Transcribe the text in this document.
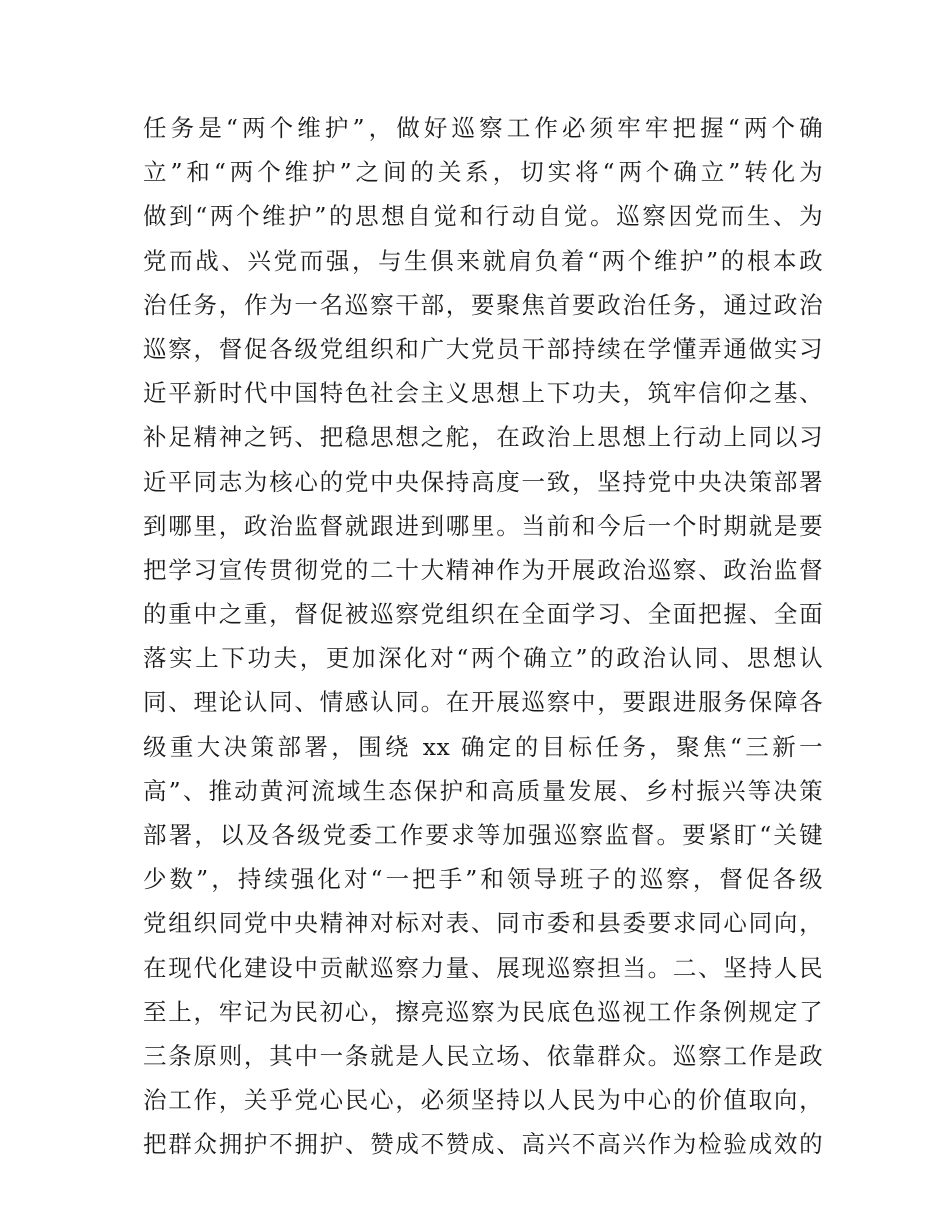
任务是“两个维护”，做好巡察工作必须牢牢把握“两个确
立”和“两个维护”之间的关系，切实将“两个确立”转化为
做到“两个维护”的思想自觉和行动自觉。巡察因党而生、为
党而战、兴党而强，与生俱来就肩负着“两个维护”的根本政
治任务，作为一名巡察干部，要聚焦首要政治任务，通过政治
巡察，督促各级党组织和广大党员干部持续在学懂弄通做实习
近平新时代中国特色社会主义思想上下功夫，筑牢信仰之基、
补足精神之钙、把稳思想之舵，在政治上思想上行动上同以习
近平同志为核心的党中央保持高度一致，坚持党中央决策部署
到哪里，政治监督就跟进到哪里。当前和今后一个时期就是要
把学习宣传贯彻党的二十大精神作为开展政治巡察、政治监督
的重中之重，督促被巡察党组织在全面学习、全面把握、全面
落实上下功夫，更加深化对“两个确立”的政治认同、思想认
同、理论认同、情感认同。在开展巡察中，要跟进服务保障各
级重大决策部署，围绕 xx 确定的目标任务，聚焦“三新一
高”、推动黄河流域生态保护和高质量发展、乡村振兴等决策
部署，以及各级党委工作要求等加强巡察监督。要紧盯“关键
少数”，持续强化对“一把手”和领导班子的巡察，督促各级
党组织同党中央精神对标对表、同市委和县委要求同心同向，
在现代化建设中贡献巡察力量、展现巡察担当。二、坚持人民
至上，牢记为民初心，擦亮巡察为民底色巡视工作条例规定了
三条原则，其中一条就是人民立场、依靠群众。巡察工作是政
治工作，关乎党心民心，必须坚持以人民为中心的价值取向，
把群众拥护不拥护、赞成不赞成、高兴不高兴作为检验成效的
